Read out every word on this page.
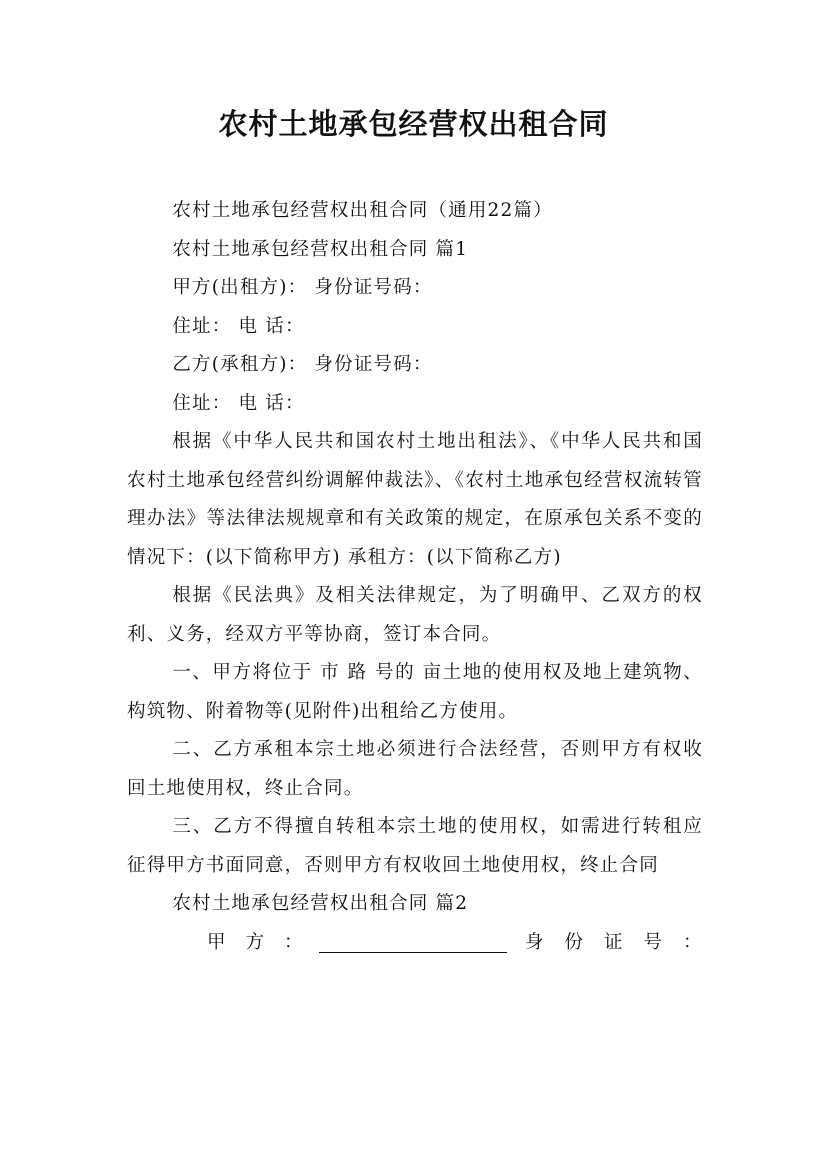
农村土地承包经营权出租合同

农村土地承包经营权出租合同（通用22篇）

农村土地承包经营权出租合同 篇1

甲方(出租方)： 身份证号码：

住址： 电 话：

乙方(承租方)： 身份证号码：

住址： 电 话：

根据《中华人民共和国农村土地出租法》、《中华人民共和国农村土地承包经营纠纷调解仲裁法》、《农村土地承包经营权流转管理办法》等法律法规规章和有关政策的规定，在原承包关系不变的情况下：(以下简称甲方) 承租方：(以下简称乙方)

根据《民法典》及相关法律规定，为了明确甲、乙双方的权利、义务，经双方平等协商，签订本合同。

一、甲方将位于 市 路 号的 亩土地的使用权及地上建筑物、构筑物、附着物等(见附件)出租给乙方使用。

二、乙方承租本宗土地必须进行合法经营，否则甲方有权收回土地使用权，终止合同。

三、乙方不得擅自转租本宗土地的使用权，如需进行转租应征得甲方书面同意，否则甲方有权收回土地使用权，终止合同

农村土地承包经营权出租合同 篇2

甲方：	身份证号：
